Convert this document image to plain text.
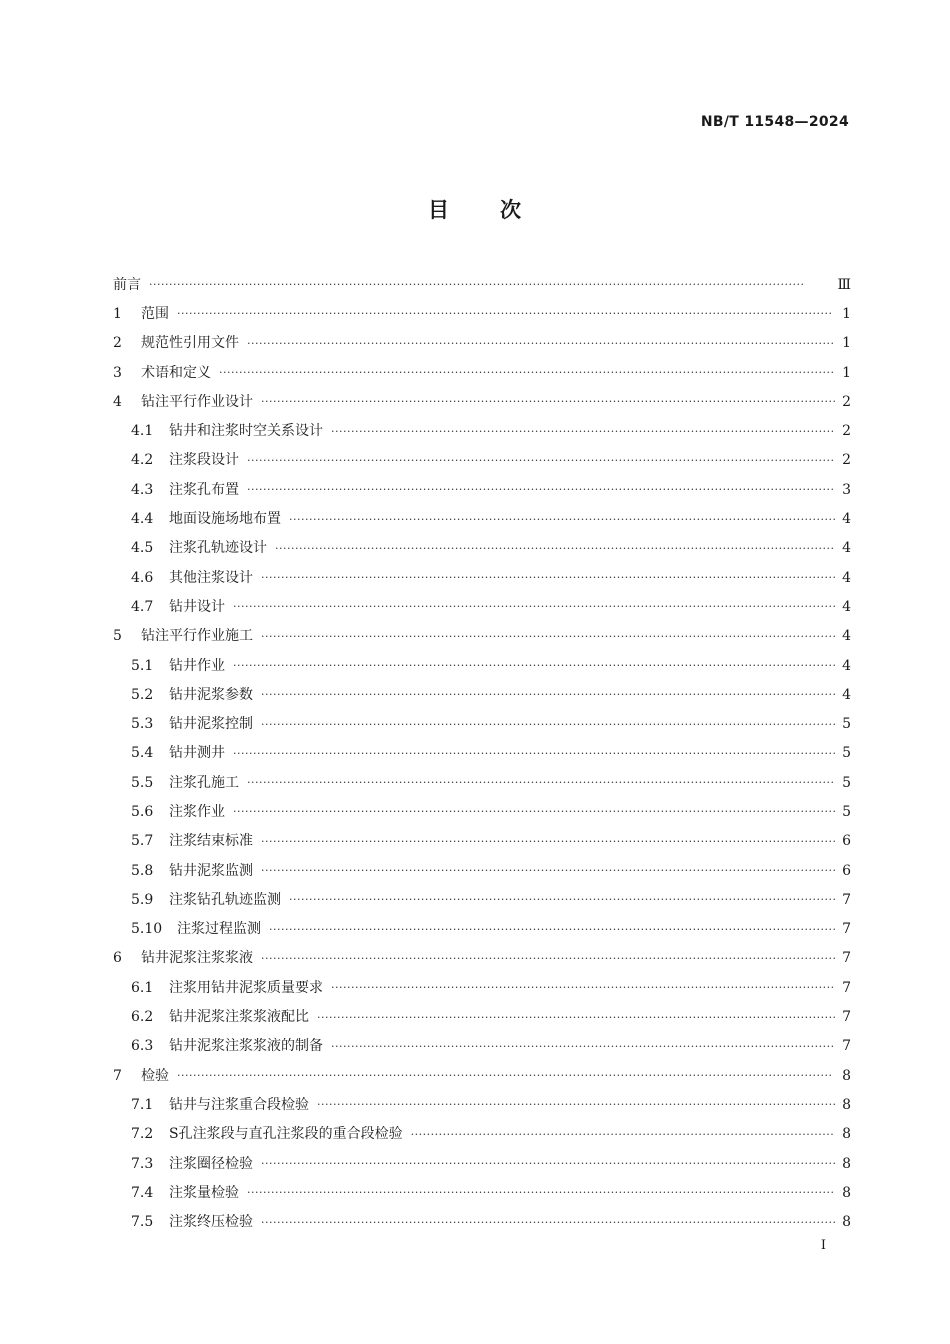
NB/T 11548—2024
目 次
前言 ·····	Ⅲ
1	范围 ·····	1
2	规范性引用文件 ·····	1
3	术语和定义 ·····	1
4	钻注平行作业设计 ·····	2
4.1	钻井和注浆时空关系设计 ·····	2
4.2	注浆段设计 ·····	2
4.3	注浆孔布置 ·····	3
4.4	地面设施场地布置 ·····	4
4.5	注浆孔轨迹设计 ·····	4
4.6	其他注浆设计 ·····	4
4.7	钻井设计 ·····	4
5	钻注平行作业施工 ·····	4
5.1	钻井作业 ·····	4
5.2	钻井泥浆参数 ·····	4
5.3	钻井泥浆控制 ·····	5
5.4	钻井测井 ·····	5
5.5	注浆孔施工 ·····	5
5.6	注浆作业 ·····	5
5.7	注浆结束标准 ·····	6
5.8	钻井泥浆监测 ·····	6
5.9	注浆钻孔轨迹监测 ·····	7
5.10	注浆过程监测 ·····	7
6	钻井泥浆注浆浆液 ·····	7
6.1	注浆用钻井泥浆质量要求 ·····	7
6.2	钻井泥浆注浆浆液配比 ·····	7
6.3	钻井泥浆注浆浆液的制备 ·····	7
7	检验 ·····	8
7.1	钻井与注浆重合段检验 ·····	8
7.2	S孔注浆段与直孔注浆段的重合段检验 ·····	8
7.3	注浆圈径检验 ·····	8
7.4	注浆量检验 ·····	8
7.5	注浆终压检验 ·····	8
I
